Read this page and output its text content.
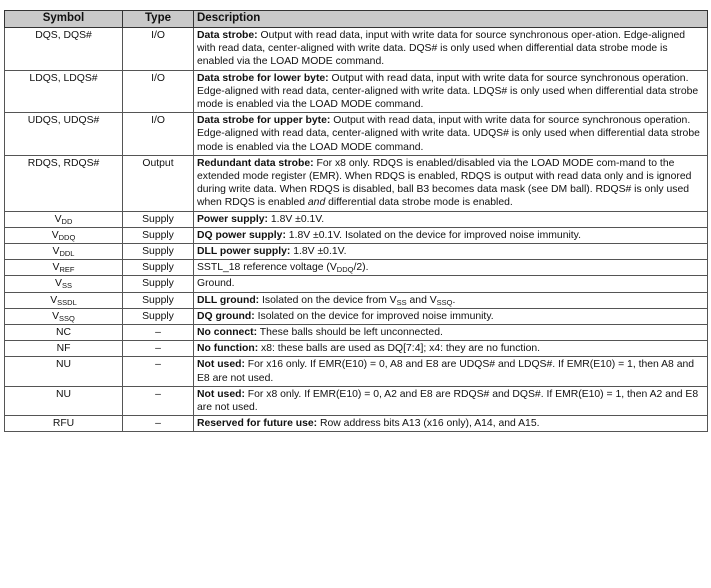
Symbol	Type	Description
DQS, DQS#	I/O	Data strobe: Output with read data, input with write data for source synchronous oper-ation. Edge-aligned with read data, center-aligned with write data. DQS# is only used when differential data strobe mode is enabled via the LOAD MODE command.
LDQS, LDQS#	I/O	Data strobe for lower byte: Output with read data, input with write data for source synchronous operation. Edge-aligned with read data, center-aligned with write data. LDQS# is only used when differential data strobe mode is enabled via the LOAD MODE command.
UDQS, UDQS#	I/O	Data strobe for upper byte: Output with read data, input with write data for source synchronous operation. Edge-aligned with read data, center-aligned with write data. UDQS# is only used when differential data strobe mode is enabled via the LOAD MODE command.
RDQS, RDQS#	Output	Redundant data strobe: For x8 only. RDQS is enabled/disabled via the LOAD MODE com-mand to the extended mode register (EMR). When RDQS is enabled, RDQS is output with read data only and is ignored during write data. When RDQS is disabled, ball B3 becomes data mask (see DM ball). RDQS# is only used when RDQS is enabled and differential data strobe mode is enabled.
VDD	Supply	Power supply: 1.8V ±0.1V.
VDDQ	Supply	DQ power supply: 1.8V ±0.1V. Isolated on the device for improved noise immunity.
VDDL	Supply	DLL power supply: 1.8V ±0.1V.
VREF	Supply	SSTL_18 reference voltage (VDDQ/2).
VSS	Supply	Ground.
VSSDL	Supply	DLL ground: Isolated on the device from VSS and VSSQ.
VSSQ	Supply	DQ ground: Isolated on the device for improved noise immunity.
NC	–	No connect: These balls should be left unconnected.
NF	–	No function: x8: these balls are used as DQ[7:4]; x4: they are no function.
NU	–	Not used: For x16 only. If EMR(E10) = 0, A8 and E8 are UDQS# and LDQS#. If EMR(E10) = 1, then A8 and E8 are not used.
NU	–	Not used: For x8 only. If EMR(E10) = 0, A2 and E8 are RDQS# and DQS#. If EMR(E10) = 1, then A2 and E8 are not used.
RFU	–	Reserved for future use: Row address bits A13 (x16 only), A14, and A15.
